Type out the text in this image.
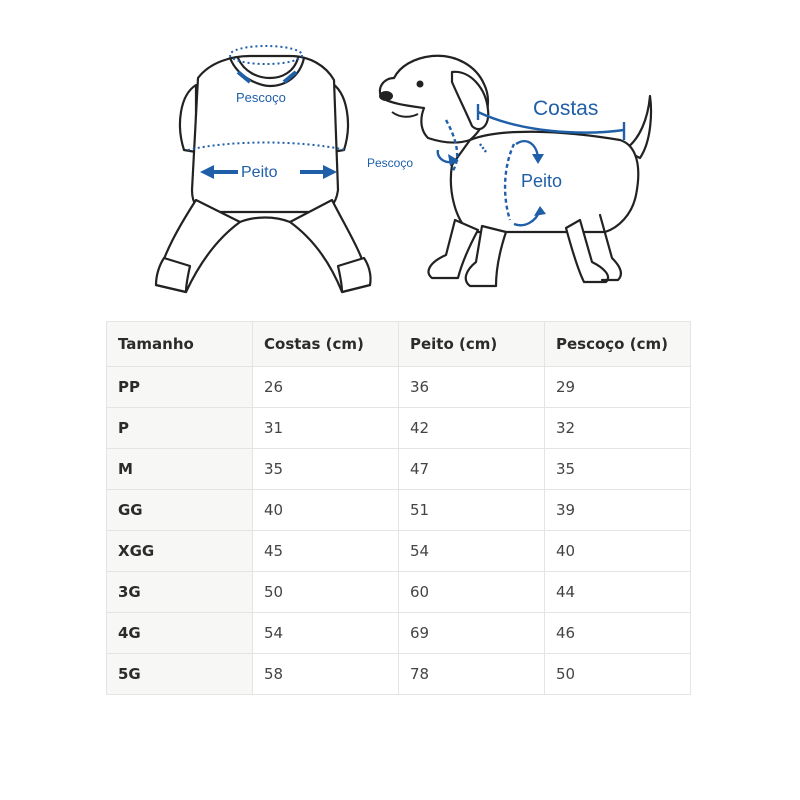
Pescoço
Peito
Costas
Pescoço
Peito
Tamanho	Costas (cm)	Peito (cm)	Pescoço (cm)
PP	26	36	29
P	31	42	32
M	35	47	35
GG	40	51	39
XGG	45	54	40
3G	50	60	44
4G	54	69	46
5G	58	78	50
